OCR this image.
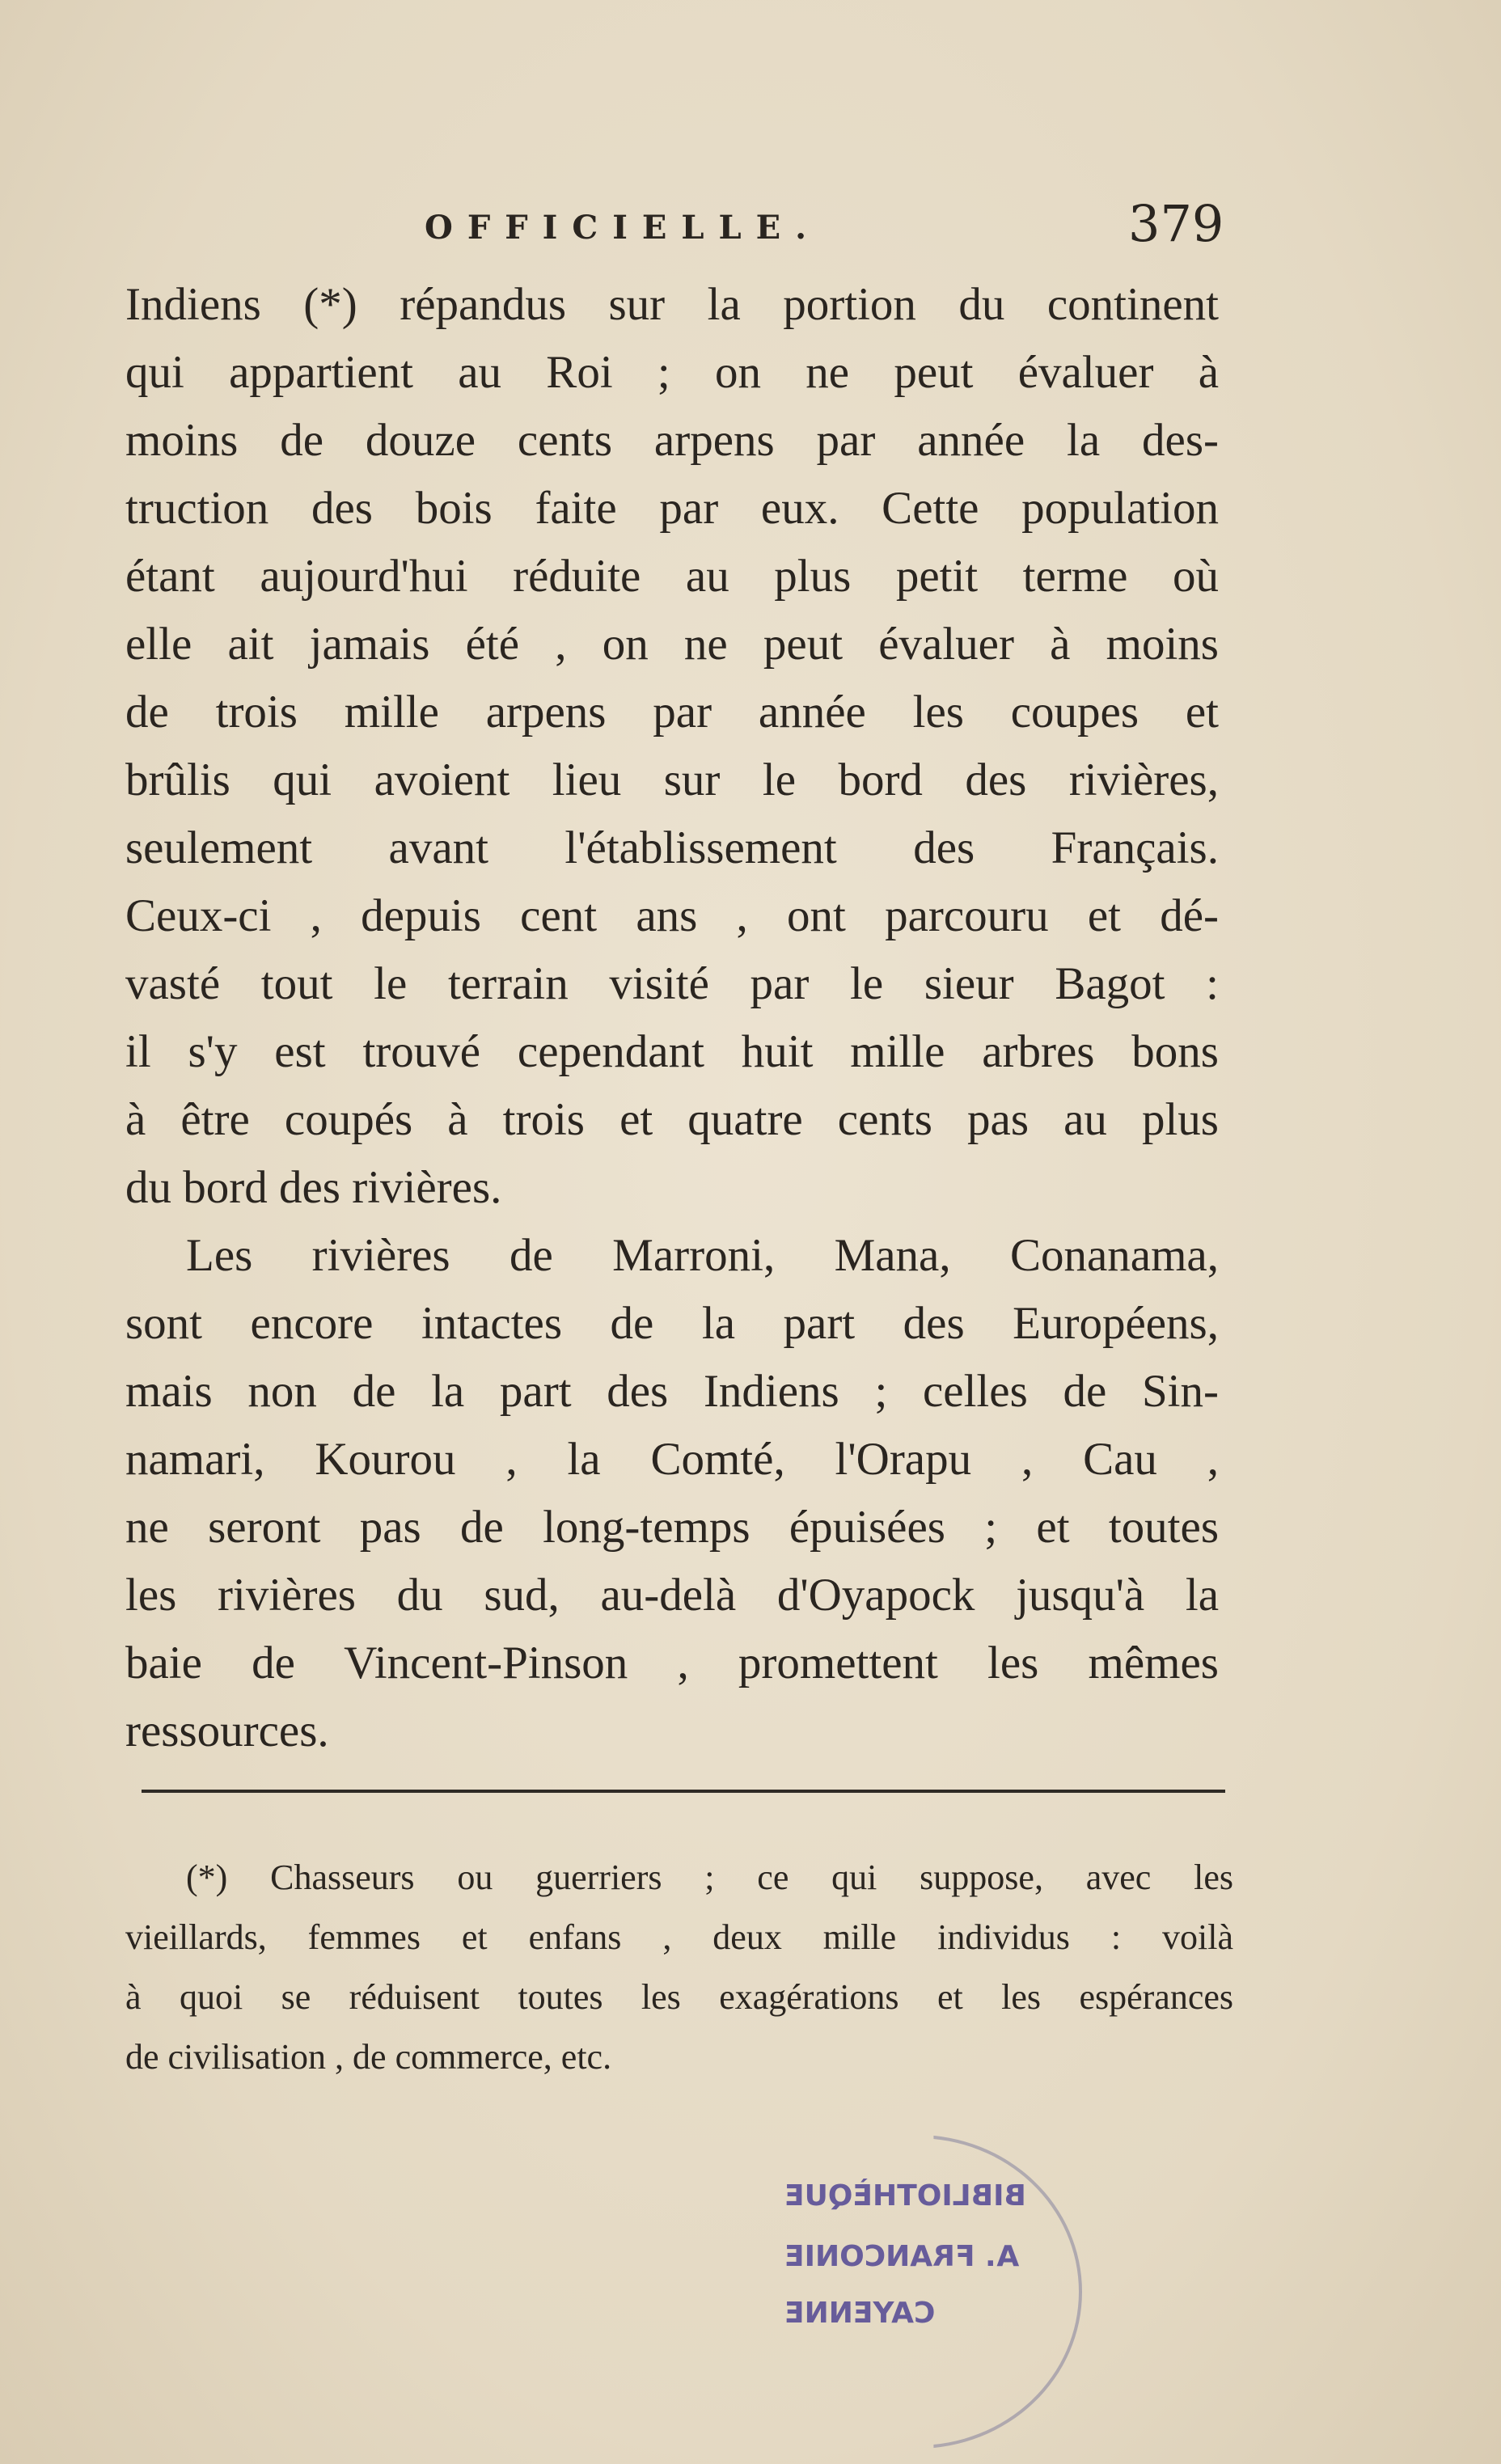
OFFICIELLE.	379
Indiens (*) répandus sur la portion du continent
qui appartient au Roi ; on ne peut évaluer à
moins de douze cents arpens par année la des-
truction des bois faite par eux. Cette population
étant aujourd'hui réduite au plus petit terme où
elle ait jamais été , on ne peut évaluer à moins
de trois mille arpens par année les coupes et
brûlis qui avoient lieu sur le bord des rivières,
seulement avant l'établissement des Français.
Ceux-ci , depuis cent ans , ont parcouru et dé-
vasté tout le terrain visité par le sieur Bagot :
il s'y est trouvé cependant huit mille arbres bons
à être coupés à trois et quatre cents pas au plus
du bord des rivières.
Les rivières de Marroni, Mana, Conanama,
sont encore intactes de la part des Européens,
mais non de la part des Indiens ; celles de Sin-
namari, Kourou , la Comté, l'Orapu , Cau ,
ne seront pas de long-temps épuisées ; et toutes
les rivières du sud, au-delà d'Oyapock jusqu'à la
baie de Vincent-Pinson , promettent les mêmes
ressources.
(*) Chasseurs ou guerriers ; ce qui suppose, avec les
vieillards, femmes et enfans , deux mille individus : voilà
à quoi se réduisent toutes les exagérations et les espérances
de civilisation , de commerce, etc.
BIBLIOTHÈQUE
A. FRANCONIE
CAYENNE
